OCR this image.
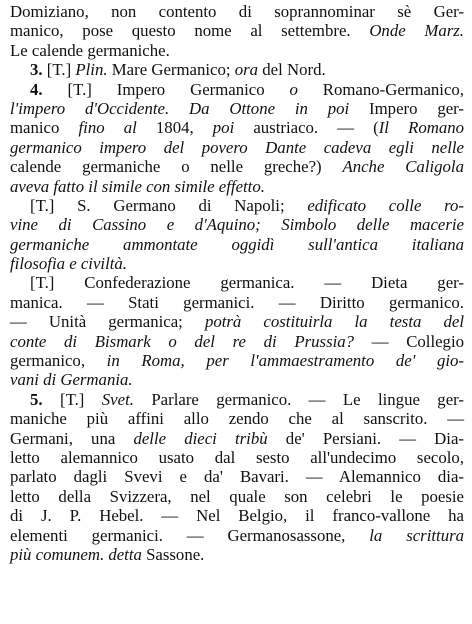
Domiziano, non contento di soprannominar sè Ger-
manico, pose questo nome al settembre. Onde Marz.
Le calende germaniche.
3. [T.] Plin. Mare Germanico; ora del Nord.
4. [T.] Impero Germanico o Romano-Germanico,
l'impero d'Occidente. Da Ottone in poi Impero ger-
manico fino al 1804, poi austriaco. — (Il Romano
germanico impero del povero Dante cadeva egli nelle
calende germaniche o nelle greche?) Anche Caligola
aveva fatto il simile con simile effetto.
[T.] S. Germano di Napoli; edificato colle ro-
vine di Cassino e d'Aquino; Simbolo delle macerie
germaniche ammontate oggidì sull'antica italiana
filosofia e civiltà.
[T.] Confederazione germanica. — Dieta ger-
manica. — Stati germanici. — Diritto germanico.
— Unità germanica; potrà costituirla la testa del
conte di Bismark o del re di Prussia? — Collegio
germanico, in Roma, per l'ammaestramento de' gio-
vani di Germania.
5. [T.] Svet. Parlare germanico. — Le lingue ger-
maniche più affini allo zendo che al sanscrito. —
Germani, una delle dieci tribù de' Persiani. — Dia-
letto alemannico usato dal sesto all'undecimo secolo,
parlato dagli Svevi e da' Bavari. — Alemannico dia-
letto della Svizzera, nel quale son celebri le poesie
di J. P. Hebel. — Nel Belgio, il franco-vallone ha
elementi germanici. — Germanosassone, la scrittura
più comunem. detta Sassone.
